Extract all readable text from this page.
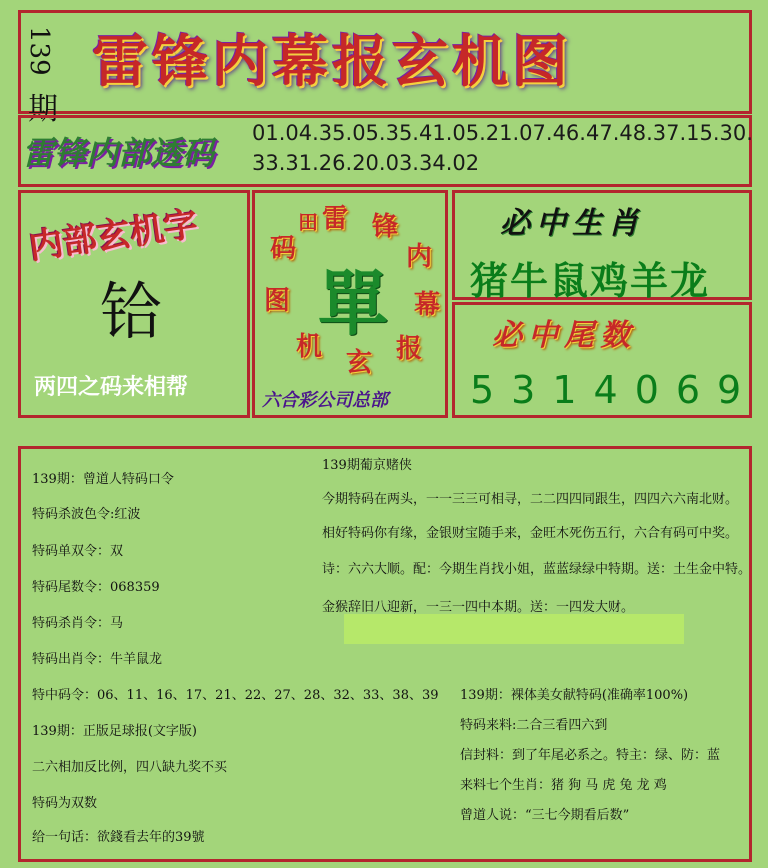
139
期
雷锋内幕报玄机图
雷锋内部透码
01.04.35.05.35.41.05.21.07.46.47.48.37.15.30.
33.31.26.20.03.34.02
内部玄机字
铪
两四之码来相帮
雷 锋
内
幕
报
玄
机
图
码
田
單
六合彩公司总部
必中生肖
猪牛鼠鸡羊龙
必中尾数
5314069
139期：曾道人特码口令
特码杀波色令:红波
特码单双令：双
特码尾数令：068359
特码杀肖令：马
特码出肖令：牛羊鼠龙
特中码令：06、11、16、17、21、22、27、28、32、33、38、39
139期：正版足球报(文字版)
二六相加反比例，四八缺九奖不买
特码为双数
给一句话：欲錢看去年的39號
139期葡京赌侠
今期特码在两头，一一三三可相寻，二二四四同跟生，四四六六南北财。
相好特码你有缘，金银财宝随手来，金旺木死伤五行，六合有码可中奖。
诗：六六大顺。配：今期生肖找小姐，蓝蓝绿绿中特期。送：土生金中特。
金猴辞旧八迎新，一三一四中本期。送：一四发大财。
139期：裸体美女献特码(准确率100%)
特码来料:二合三看四六到
信封料：到了年尾必系之。特主：绿、防：蓝
来料七个生肖：猪 狗 马 虎 兔 龙 鸡
曾道人说：“三七今期看后数”
